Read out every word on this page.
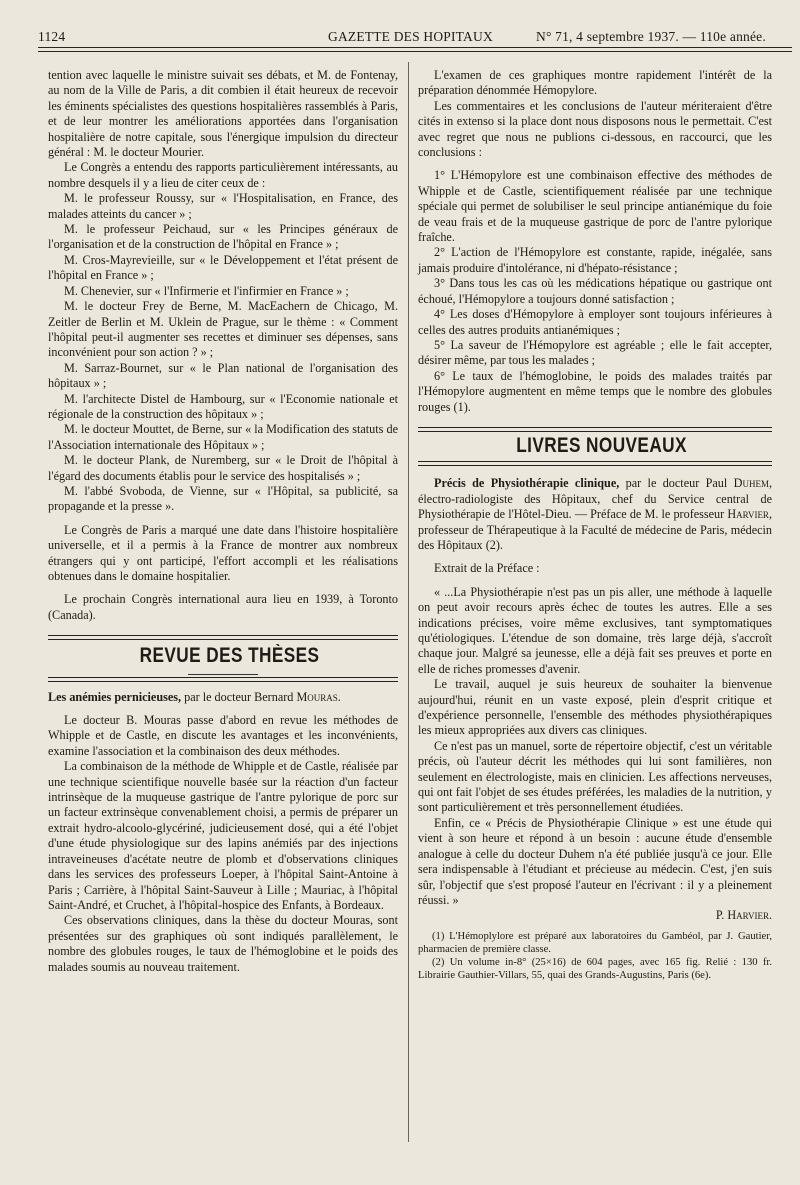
1124	GAZETTE DES HOPITAUX	N° 71, 4 septembre 1937. — 110e année.

tention avec laquelle le ministre suivait ses débats, et M. de Fontenay, au nom de la Ville de Paris, a dit combien il était heureux de recevoir les éminents spécialistes des questions hospitalières rassemblés à Paris, et de leur montrer les améliorations apportées dans l'organisation hospitalière de notre capitale, sous l'énergique impulsion du directeur général : M. le docteur Mourier.

Le Congrès a entendu des rapports particulièrement intéressants, au nombre desquels il y a lieu de citer ceux de :

M. le professeur Roussy, sur « l'Hospitalisation, en France, des malades atteints du cancer » ;

M. le professeur Peichaud, sur « les Principes généraux de l'organisation et de la construction de l'hôpital en France » ;

M. Cros-Mayrevieille, sur « le Développement et l'état présent de l'hôpital en France » ;

M. Chenevier, sur « l'Infirmerie et l'infirmier en France » ;

M. le docteur Frey de Berne, M. MacEachern de Chicago, M. Zeitler de Berlin et M. Uklein de Prague, sur le thème : « Comment l'hôpital peut-il augmenter ses recettes et diminuer ses dépenses, sans inconvénient pour son action ? » ;

M. Sarraz-Bournet, sur « le Plan national de l'organisation des hôpitaux » ;

M. l'architecte Distel de Hambourg, sur « l'Economie nationale et régionale de la construction des hôpitaux » ;

M. le docteur Mouttet, de Berne, sur « la Modification des statuts de l'Association internationale des Hôpitaux » ;

M. le docteur Plank, de Nuremberg, sur « le Droit de l'hôpital à l'égard des documents établis pour le service des hospitalisés » ;

M. l'abbé Svoboda, de Vienne, sur « l'Hôpital, sa publicité, sa propagande et la presse ».

Le Congrès de Paris a marqué une date dans l'histoire hospitalière universelle, et il a permis à la France de montrer aux nombreux étrangers qui y ont participé, l'effort accompli et les réalisations obtenues dans le domaine hospitalier.

Le prochain Congrès international aura lieu en 1939, à Toronto (Canada).

REVUE DES THÈSES

Les anémies pernicieuses, par le docteur Bernard Mouras.

Le docteur B. Mouras passe d'abord en revue les méthodes de Whipple et de Castle, en discute les avantages et les inconvénients, examine l'association et la combinaison des deux méthodes.

La combinaison de la méthode de Whipple et de Castle, réalisée par une technique scientifique nouvelle basée sur la réaction d'un facteur intrinsèque de la muqueuse gastrique de l'antre pylorique de porc sur un facteur extrinsèque convenablement choisi, a permis de préparer un extrait hydro-alcoolo-glycériné, judicieusement dosé, qui a été l'objet d'une étude physiologique sur des lapins anémiés par des injections intraveineuses d'acétate neutre de plomb et d'observations cliniques dans les services des professeurs Loeper, à l'hôpital Saint-Antoine à Paris ; Carrière, à l'hôpital Saint-Sauveur à Lille ; Mauriac, à l'hôpital Saint-André, et Cruchet, à l'hôpital-hospice des Enfants, à Bordeaux.

Ces observations cliniques, dans la thèse du docteur Mouras, sont présentées sur des graphiques où sont indiqués parallèlement, le nombre des globules rouges, le taux de l'hémoglobine et le poids des malades soumis au nouveau traitement.

L'examen de ces graphiques montre rapidement l'intérêt de la préparation dénommée Hémopylore.

Les commentaires et les conclusions de l'auteur mériteraient d'être cités in extenso si la place dont nous disposons nous le permettait. C'est avec regret que nous ne publions ci-dessous, en raccourci, que les conclusions :

1° L'Hémopylore est une combinaison effective des méthodes de Whipple et de Castle, scientifiquement réalisée par une technique spéciale qui permet de solubiliser le seul principe antianémique du foie de veau frais et de la muqueuse gastrique de porc de l'antre pylorique fraîche.

2° L'action de l'Hémopylore est constante, rapide, inégalée, sans jamais produire d'intolérance, ni d'hépato-résistance ;

3° Dans tous les cas où les médications hépatique ou gastrique ont échoué, l'Hémopylore a toujours donné satisfaction ;

4° Les doses d'Hémopylore à employer sont toujours inférieures à celles des autres produits antianémiques ;

5° La saveur de l'Hémopylore est agréable ; elle le fait accepter, désirer même, par tous les malades ;

6° Le taux de l'hémoglobine, le poids des malades traités par l'Hémopylore augmentent en même temps que le nombre des globules rouges (1).

LIVRES NOUVEAUX

Précis de Physiothérapie clinique, par le docteur Paul Duhem, électro-radiologiste des Hôpitaux, chef du Service central de Physiothérapie de l'Hôtel-Dieu. — Préface de M. le professeur Harvier, professeur de Thérapeutique à la Faculté de médecine de Paris, médecin des Hôpitaux (2).

Extrait de la Préface :

« ...La Physiothérapie n'est pas un pis aller, une méthode à laquelle on peut avoir recours après échec de toutes les autres. Elle a ses indications précises, voire même exclusives, tant symptomatiques qu'étiologiques. L'étendue de son domaine, très large déjà, s'accroît chaque jour. Malgré sa jeunesse, elle a déjà fait ses preuves et porte en elle de riches promesses d'avenir.

Le travail, auquel je suis heureux de souhaiter la bienvenue aujourd'hui, réunit en un vaste exposé, plein d'esprit critique et d'expérience personnelle, l'ensemble des méthodes physiothérapiques les mieux appropriées aux divers cas cliniques.

Ce n'est pas un manuel, sorte de répertoire objectif, c'est un véritable précis, où l'auteur décrit les méthodes qui lui sont familières, non seulement en électrologiste, mais en clinicien. Les affections nerveuses, qui ont fait l'objet de ses études préférées, les maladies de la nutrition, y sont particulièrement et très personnellement étudiées.

Enfin, ce « Précis de Physiothérapie Clinique » est une étude qui vient à son heure et répond à un besoin : aucune étude d'ensemble analogue à celle du docteur Duhem n'a été publiée jusqu'à ce jour. Elle sera indispensable à l'étudiant et précieuse au médecin. C'est, j'en suis sûr, l'objectif que s'est proposé l'auteur en l'écrivant : il y a pleinement réussi. »

P. Harvier.

(1) L'Hémoplylore est préparé aux laboratoires du Gambéol, par J. Gautier, pharmacien de première classe.

(2) Un volume in-8° (25×16) de 604 pages, avec 165 fig. Relié : 130 fr. Librairie Gauthier-Villars, 55, quai des Grands-Augustins, Paris (6e).
